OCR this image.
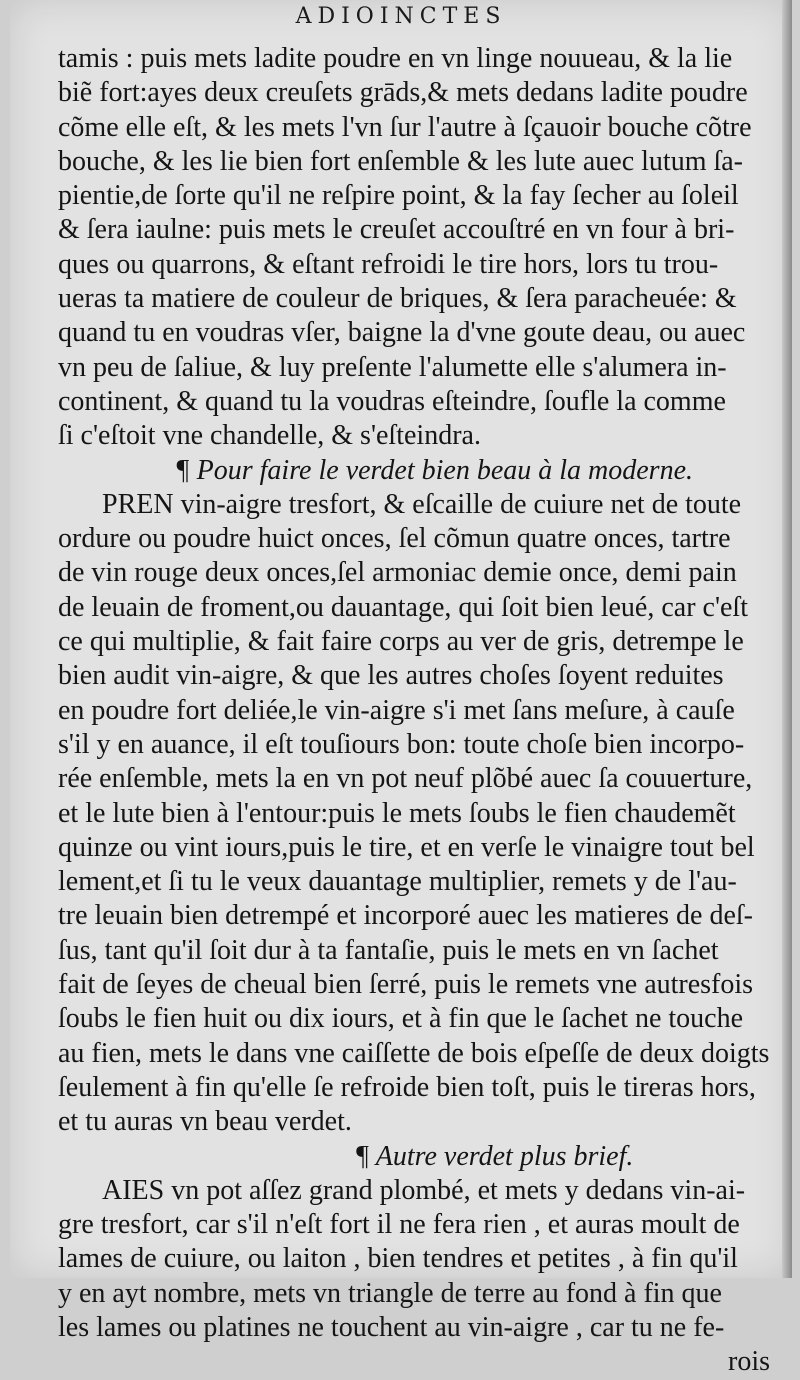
ADIOINCTES
tamis : puis mets ladite poudre en vn linge nouueau, & la lie
biẽ fort:ayes deux creuſets grāds,& mets dedans ladite poudre
cõme elle eſt, & les mets l'vn ſur l'autre à ſçauoir bouche cõtre
bouche, & les lie bien fort enſemble & les lute auec lutum ſa-
pientie,de ſorte qu'il ne reſpire point, & la fay ſecher au ſoleil
& ſera iaulne: puis mets le creuſet accouſtré en vn four à bri-
ques ou quarrons, & eſtant refroidi le tire hors, lors tu trou-
ueras ta matiere de couleur de briques, & ſera paracheuée: &
quand tu en voudras vſer, baigne la d'vne goute deau, ou auec
vn peu de ſaliue, & luy preſente l'alumette elle s'alumera in-
continent, & quand tu la voudras eſteindre, ſoufle la comme
ſi c'eſtoit vne chandelle, & s'eſteindra.
¶ Pour faire le verdet bien beau à la moderne.
PREN vin-aigre tresfort, & eſcaille de cuiure net de toute
ordure ou poudre huict onces, ſel cõmun quatre onces, tartre
de vin rouge deux onces,ſel armoniac demie once, demi pain
de leuain de froment,ou dauantage, qui ſoit bien leué, car c'eſt
ce qui multiplie, & fait faire corps au ver de gris, detrempe le
bien audit vin-aigre, & que les autres choſes ſoyent reduites
en poudre fort deliée,le vin-aigre s'i met ſans meſure, à cauſe
s'il y en auance, il eſt touſiours bon: toute choſe bien incorpo-
rée enſemble, mets la en vn pot neuf plõbé auec ſa couuerture,
et le lute bien à l'entour:puis le mets ſoubs le fien chaudemẽt
quinze ou vint iours,puis le tire, et en verſe le vinaigre tout bel
lement,et ſi tu le veux dauantage multiplier, remets y de l'au-
tre leuain bien detrempé et incorporé auec les matieres de deſ-
ſus, tant qu'il ſoit dur à ta fantaſie, puis le mets en vn ſachet
fait de ſeyes de cheual bien ſerré, puis le remets vne autresfois
ſoubs le fien huit ou dix iours, et à fin que le ſachet ne touche
au fien, mets le dans vne caiſſette de bois eſpeſſe de deux doigts
ſeulement à fin qu'elle ſe refroide bien toſt, puis le tireras hors,
et tu auras vn beau verdet.
¶ Autre verdet plus brief.
AIES vn pot aſſez grand plombé, et mets y dedans vin-ai-
gre tresfort, car s'il n'eſt fort il ne fera rien , et auras moult de
lames de cuiure, ou laiton , bien tendres et petites , à fin qu'il
y en ayt nombre, mets vn triangle de terre au fond à fin que
les lames ou platines ne touchent au vin-aigre , car tu ne fe-
rois
